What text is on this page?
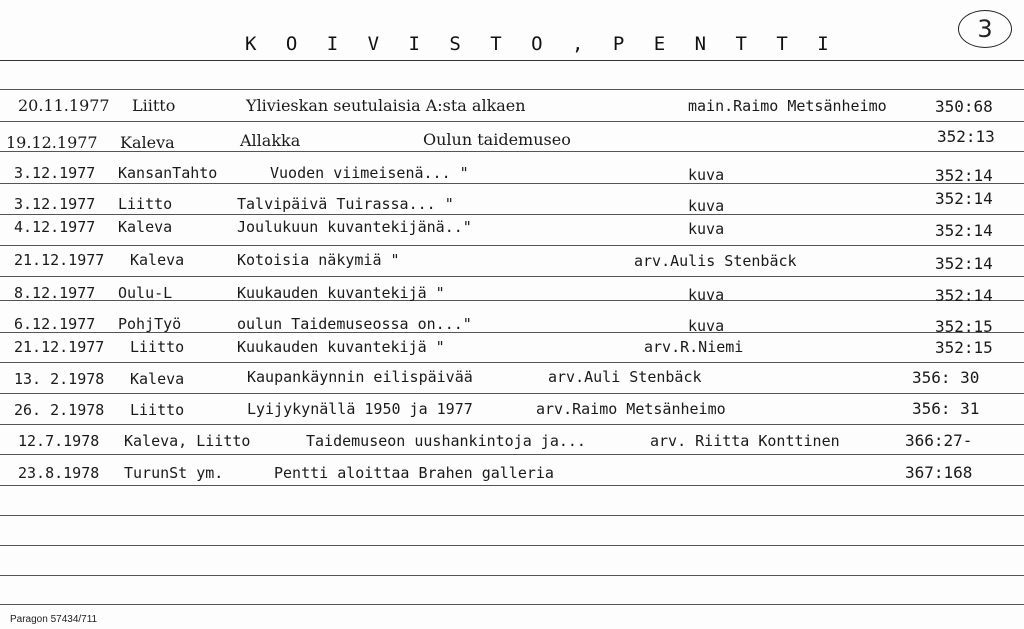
K O I V I S T O , P E N T T I
3
20.11.1977 Liitto	Ylivieskan seutulaisia A:sta alkaen	main.Raimo Metsänheimo	350:68
19.12.1977 Kaleva	Allakka	Oulun taidemuseo	352:13
3.12.1977 KansanTahto	Vuoden viimeisenä... "	kuva	352:14
3.12.1977 Liitto	Talvipäivä Tuirassa... "	kuva	352:14
4.12.1977 Kaleva	Joulukuun kuvantekijänä.."	kuva	352:14
21.12.1977 Kaleva	Kotoisia näkymiä "	arv.Aulis Stenbäck	352:14
8.12.1977 Oulu-L	Kuukauden kuvantekijä "	kuva	352:14
6.12.1977 PohjTyö	oulun Taidemuseossa on..."	kuva	352:15
21.12.1977 Liitto	Kuukauden kuvantekijä "	arv.R.Niemi	352:15
13. 2.1978 Kaleva	Kaupankäynnin eilispäivää	arv.Auli Stenbäck	356: 30
26. 2.1978 Liitto	Lyijykynällä 1950 ja 1977	arv.Raimo Metsänheimo	356: 31
12.7.1978 Kaleva, Liitto	Taidemuseon uushankintoja ja...	arv. Riitta Konttinen	366:27-
23.8.1978 TurunSt ym.	Pentti aloittaa Brahen galleria	367:168
Paragon 57434/711
